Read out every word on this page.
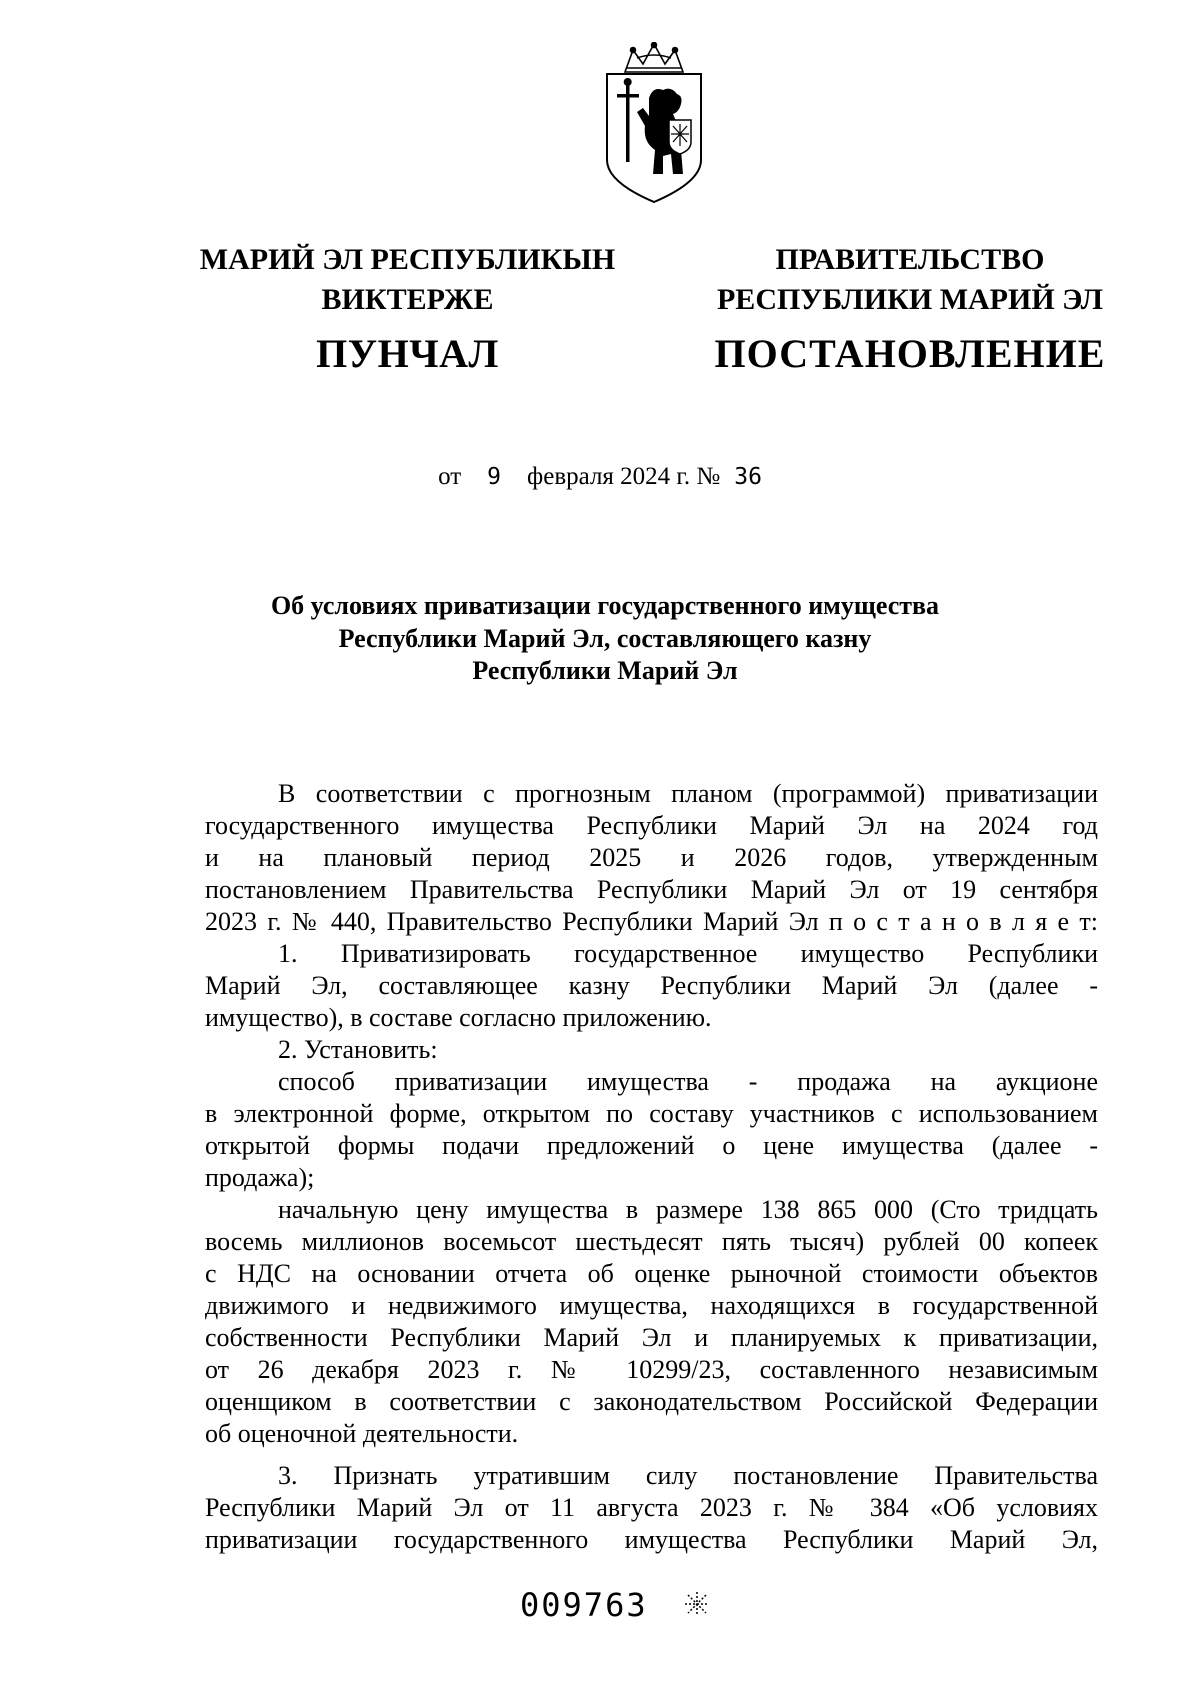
МАРИЙ ЭЛ РЕСПУБЛИКЫН
ВИКТЕРЖЕ
ПУНЧАЛ
ПРАВИТЕЛЬСТВО
РЕСПУБЛИКИ МАРИЙ ЭЛ
ПОСТАНОВЛЕНИЕ
от 9 февраля 2024 г. № 36
Об условиях приватизации государственного имущества
Республики Марий Эл, составляющего казну
Республики Марий Эл
В соответствии с прогнозным планом (программой) приватизации
государственного имущества Республики Марий Эл на 2024 год
и на плановый период 2025 и 2026 годов, утвержденным
постановлением Правительства Республики Марий Эл от 19 сентября
2023 г. № 440, Правительство Республики Марий Эл п о с т а н о в л я е т:
1. Приватизировать государственное имущество Республики
Марий Эл, составляющее казну Республики Марий Эл (далее -
имущество), в составе согласно приложению.
2. Установить:
способ приватизации имущества - продажа на аукционе
в электронной форме, открытом по составу участников с использованием
открытой формы подачи предложений о цене имущества (далее -
продажа);
начальную цену имущества в размере 138 865 000 (Сто тридцать
восемь миллионов восемьсот шестьдесят пять тысяч) рублей 00 копеек
с НДС на основании отчета об оценке рыночной стоимости объектов
движимого и недвижимого имущества, находящихся в государственной
собственности Республики Марий Эл и планируемых к приватизации,
от 26 декабря 2023 г. № 10299/23, составленного независимым
оценщиком в соответствии с законодательством Российской Федерации
об оценочной деятельности.
3. Признать утратившим силу постановление Правительства
Республики Марий Эл от 11 августа 2023 г. № 384 «Об условиях
приватизации государственного имущества Республики Марий Эл,
009763
